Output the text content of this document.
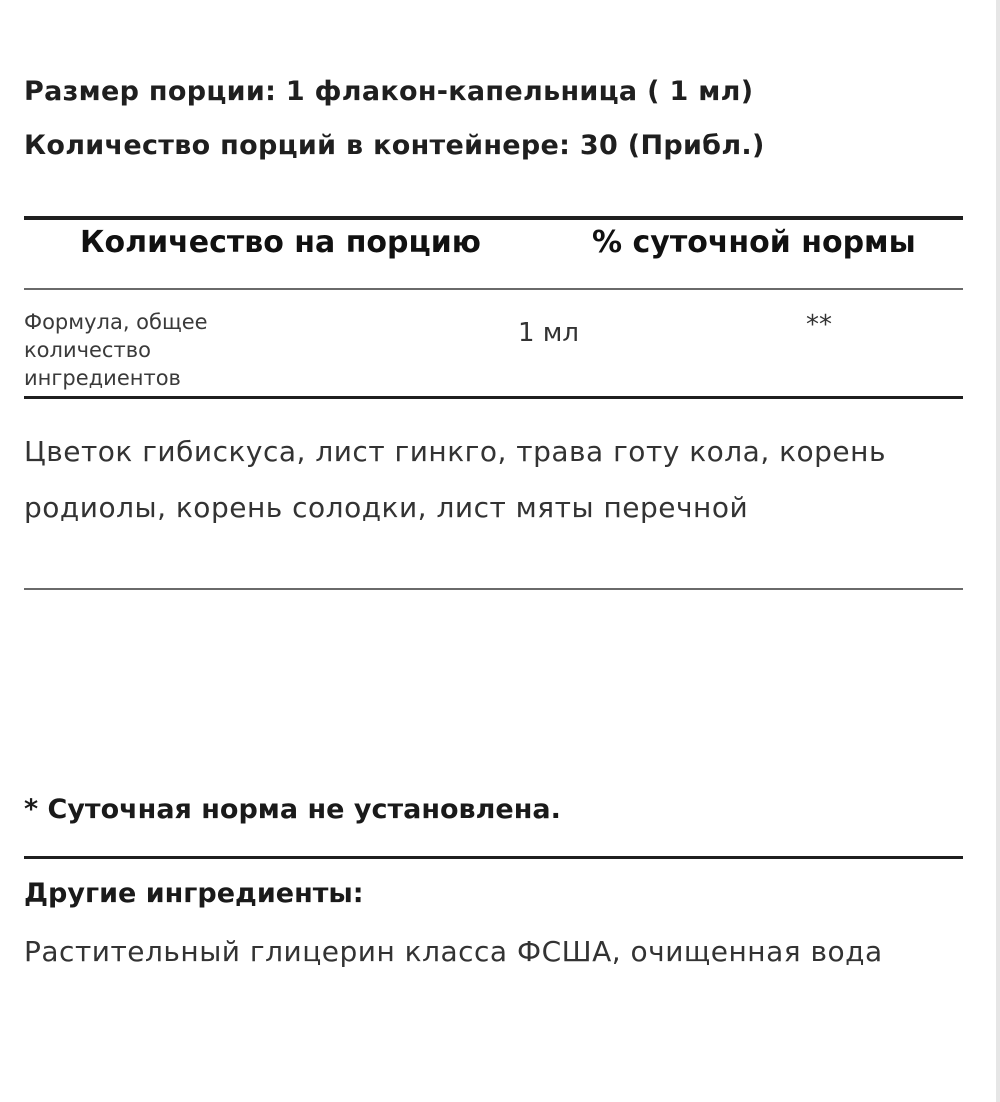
Размер порции: 1 флакон-капельница ( 1 мл)
Количество порций в контейнере: 30 (Прибл.)
Количество на порцию	% суточной нормы
Формула, общее количество ингредиентов
1 мл	**
Цветок гибискуса, лист гинкго, трава готу кола, корень родиолы, корень солодки, лист мяты перечной
* Суточная норма не установлена.
Другие ингредиенты:
Растительный глицерин класса ФСША, очищенная вода
